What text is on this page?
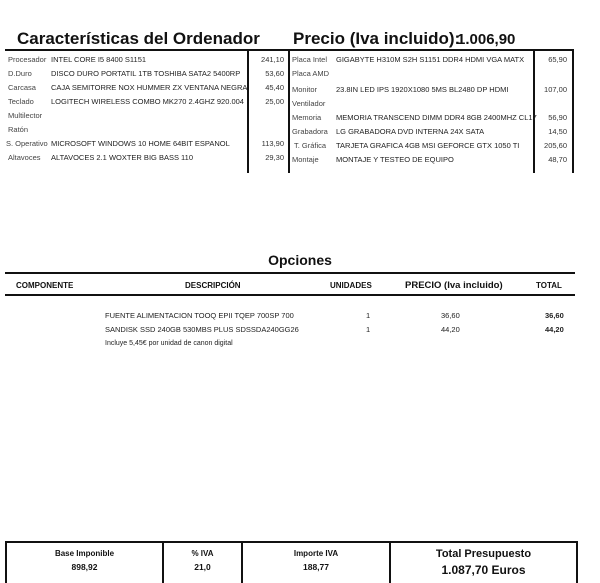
Características del Ordenador Precio (Iva incluido):
1.006,90
Procesador INTEL CORE I5 8400 S1151	241,10
D.Duro	DISCO DURO PORTATIL 1TB TOSHIBA SATA2 5400RP	53,60
Carcasa CAJA SEMITORRE NOX HUMMER ZX VENTANA NEGRA	45,40
Teclado LOGITECH WIRELESS COMBO MK270 2.4GHZ 920.004	25,00
Multilector
Ratón
S. Operativo MICROSOFT WINDOWS 10 HOME 64BIT ESPANOL	113,90
Altavoces ALTAVOCES 2.1 WOXTER BIG BASS 110	29,30
Placa Intel GIGABYTE H310M S2H S1151 DDR4 HDMI VGA MATX	65,90
Placa AMD
Monitor	23.8IN LED IPS 1920X1080 5MS BL2480 DP HDMI	107,00
Ventilador
Memoria MEMORIA TRANSCEND DIMM DDR4 8GB 2400MHZ CL17	56,90
Grabadora LG GRABADORA DVD INTERNA 24X SATA	14,50
T. Gráfica TARJETA GRAFICA 4GB MSI GEFORCE GTX 1050 TI	205,60
Montaje MONTAJE Y TESTEO DE EQUIPO	48,70
Opciones
COMPONENTE	DESCRIPCIÓN	UNIDADES	PRECIO (Iva incluido)	TOTAL
FUENTE ALIMENTACION TOOQ EPII TQEP 700SP 700	1	36,60	36,60
SANDISK SSD 240GB 530MBS PLUS SDSSDA240GG26	1	44,20	44,20
Incluye 5,45€ por unidad de canon digital
Base Imponible
898,92
% IVA
21,0
Importe IVA
188,77
Total Presupuesto
1.087,70 Euros
